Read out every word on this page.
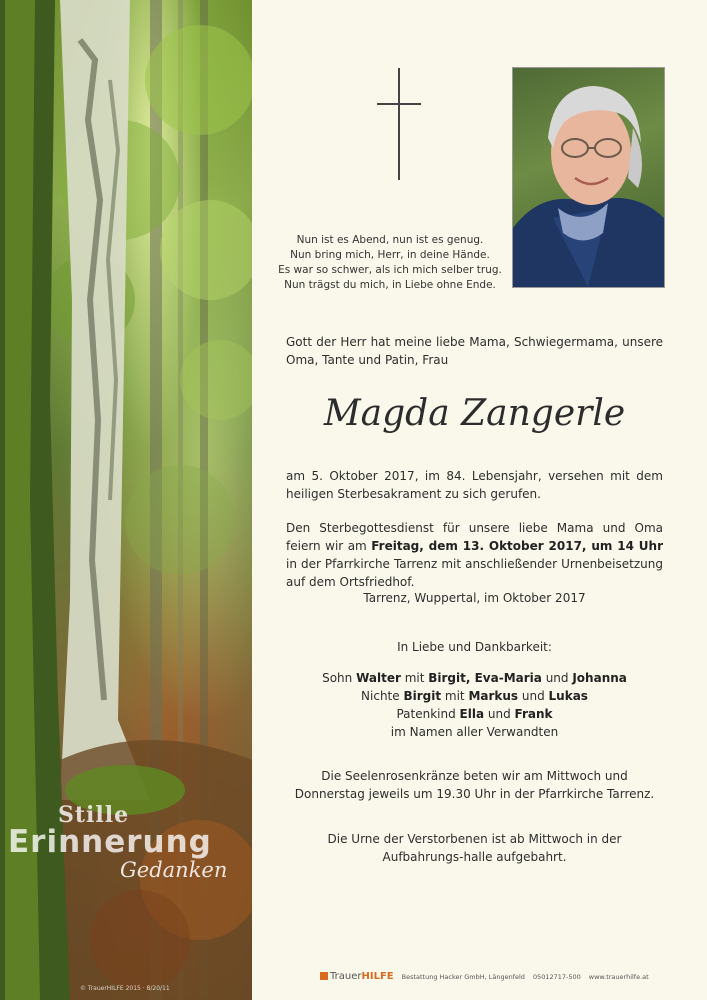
Stille
Erinnerung
Gedanken
© TrauerHILFE 2015 · 8/20/11
Nun ist es Abend, nun ist es genug.
Nun bring mich, Herr, in deine Hände.
Es war so schwer, als ich mich selber trug.
Nun trägst du mich, in Liebe ohne Ende.
Gott der Herr hat meine liebe Mama, Schwiegermama, unsere Oma, Tante und Patin, Frau
Magda Zangerle
am 5. Oktober 2017, im 84. Lebensjahr, versehen mit dem heiligen Sterbesakrament zu sich gerufen.
Den Sterbegottesdienst für unsere liebe Mama und Oma feiern wir am Freitag, dem 13. Oktober 2017, um 14 Uhr in der Pfarrkirche Tarrenz mit anschließender Urnenbeisetzung auf dem Ortsfriedhof.
Tarrenz, Wuppertal, im Oktober 2017
In Liebe und Dankbarkeit:
Sohn Walter mit Birgit, Eva-Maria und Johanna
Nichte Birgit mit Markus und Lukas
Patenkind Ella und Frank
im Namen aller Verwandten
Die Seelenrosenkränze beten wir am Mittwoch und Donnerstag jeweils um 19.30 Uhr in der Pfarrkirche Tarrenz.
Die Urne der Verstorbenen ist ab Mittwoch in der Aufbahrungs-halle aufgebahrt.
TrauerHILFE Bestattung Hacker GmbH, Längenfeld 05012717-500 www.trauerhilfe.at
